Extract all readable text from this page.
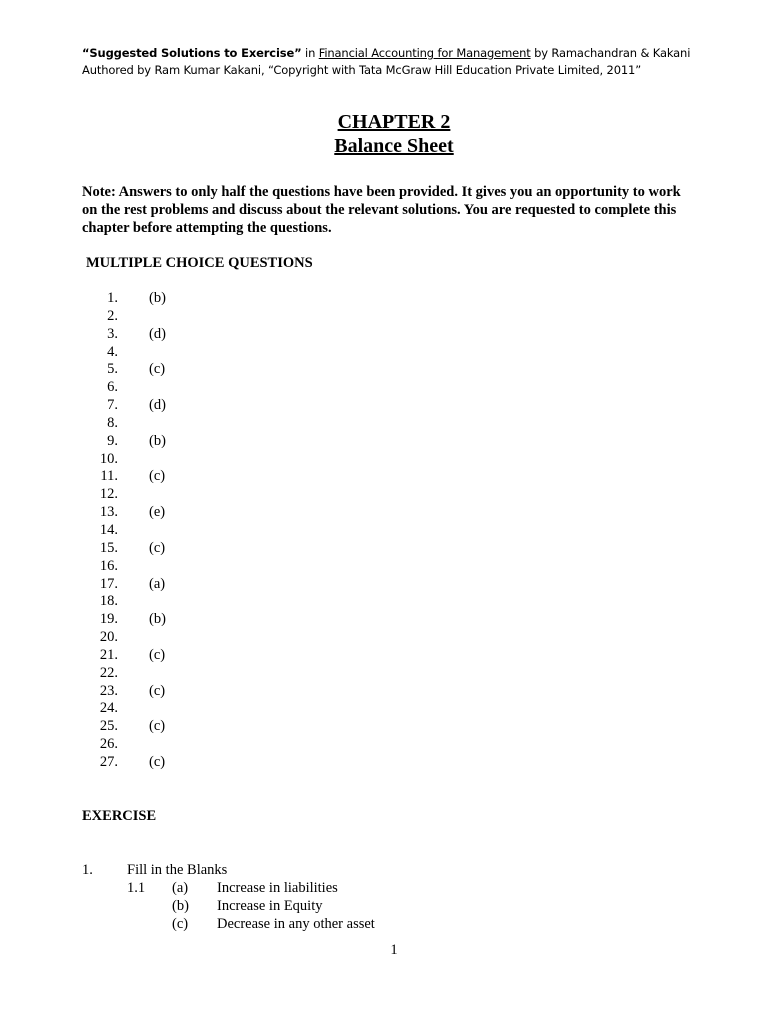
“Suggested Solutions to Exercise” in Financial Accounting for Management by Ramachandran & Kakani
Authored by Ram Kumar Kakani, “Copyright with Tata McGraw Hill Education Private Limited, 2011”
CHAPTER 2
Balance Sheet

Note: Answers to only half the questions have been provided. It gives you an opportunity to work

on the rest problems and discuss about the relevant solutions. You are requested to complete this

chapter before attempting the questions.

MULTIPLE CHOICE QUESTIONS
1. (b)
2.
3. (d)
4.
5. (c)
6.
7. (d)
8.
9. (b)
10.
11. (c)
12.
13. (e)
14.
15. (c)
16.
17. (a)
18.
19. (b)
20.
21. (c)
22.
23. (c)
24.
25. (c)
26.
27. (c)
EXERCISE
1. Fill in the Blanks
1.1 (a) Increase in liabilities
(b) Increase in Equity
(c) Decrease in any other asset
1
